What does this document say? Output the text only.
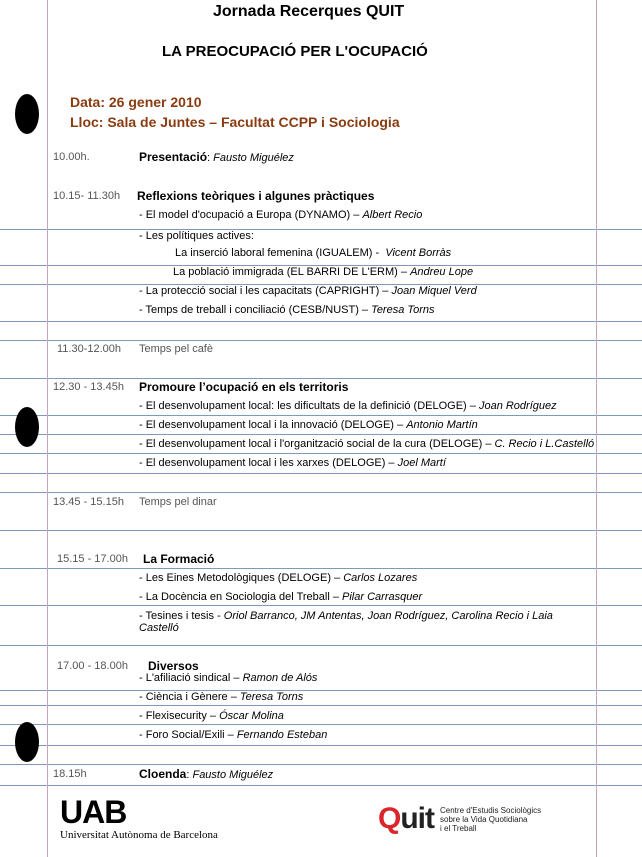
Jornada Recerques QUIT
LA PREOCUPACIÓ PER L'OCUPACIÓ
Data: 26 gener 2010
Lloc: Sala de Juntes – Facultat CCPP i Sociologia
10.00h.	Presentació: Fausto Miguélez
10.15- 11.30h Reflexions teòriques i algunes pràctiques
- El model d'ocupació a Europa (DYNAMO) – Albert Recio
- Les polítiques actives:
La inserció laboral femenina (IGUALEM) - Vicent Borràs
La població immigrada (EL BARRI DE L'ERM) – Andreu Lope
- La protecció social i les capacitats (CAPRIGHT) – Joan Miquel Verd
- Temps de treball i conciliació (CESB/NUST) – Teresa Torns
11.30-12.00h Temps pel cafè
12.30 - 13.45h Promoure l’ocupació en els territoris
- El desenvolupament local: les dificultats de la definició (DELOGE) – Joan Rodríguez
- El desenvolupament local i la innovació (DELOGE) – Antonio Martín
- El desenvolupament local i l'organització social de la cura (DELOGE) – C. Recio i L.Castelló
- El desenvolupament local i les xarxes (DELOGE) – Joel Martí
13.45 - 15.15h Temps pel dinar
15.15 - 17.00h La Formació
- Les Eines Metodològiques (DELOGE) – Carlos Lozares
- La Docència en Sociologia del Treball – Pilar Carrasquer
- Tesines i tesis - Oriol Barranco, JM Antentas, Joan Rodríguez, Carolina Recio i Laia
Castelló
17.00 - 18.00h Diversos
- L'afiliació sindical – Ramon de Alós
- Ciència i Gènere – Teresa Torns
- Flexisecurity – Óscar Molina
- Foro Social/Exili – Fernando Esteban
18.15h	Cloenda: Fausto Miguélez
UAB
Universitat Autònoma de Barcelona	Quit Centre d'Estudis Sociològics
sobre la Vida Quotidiana
i el Treball
